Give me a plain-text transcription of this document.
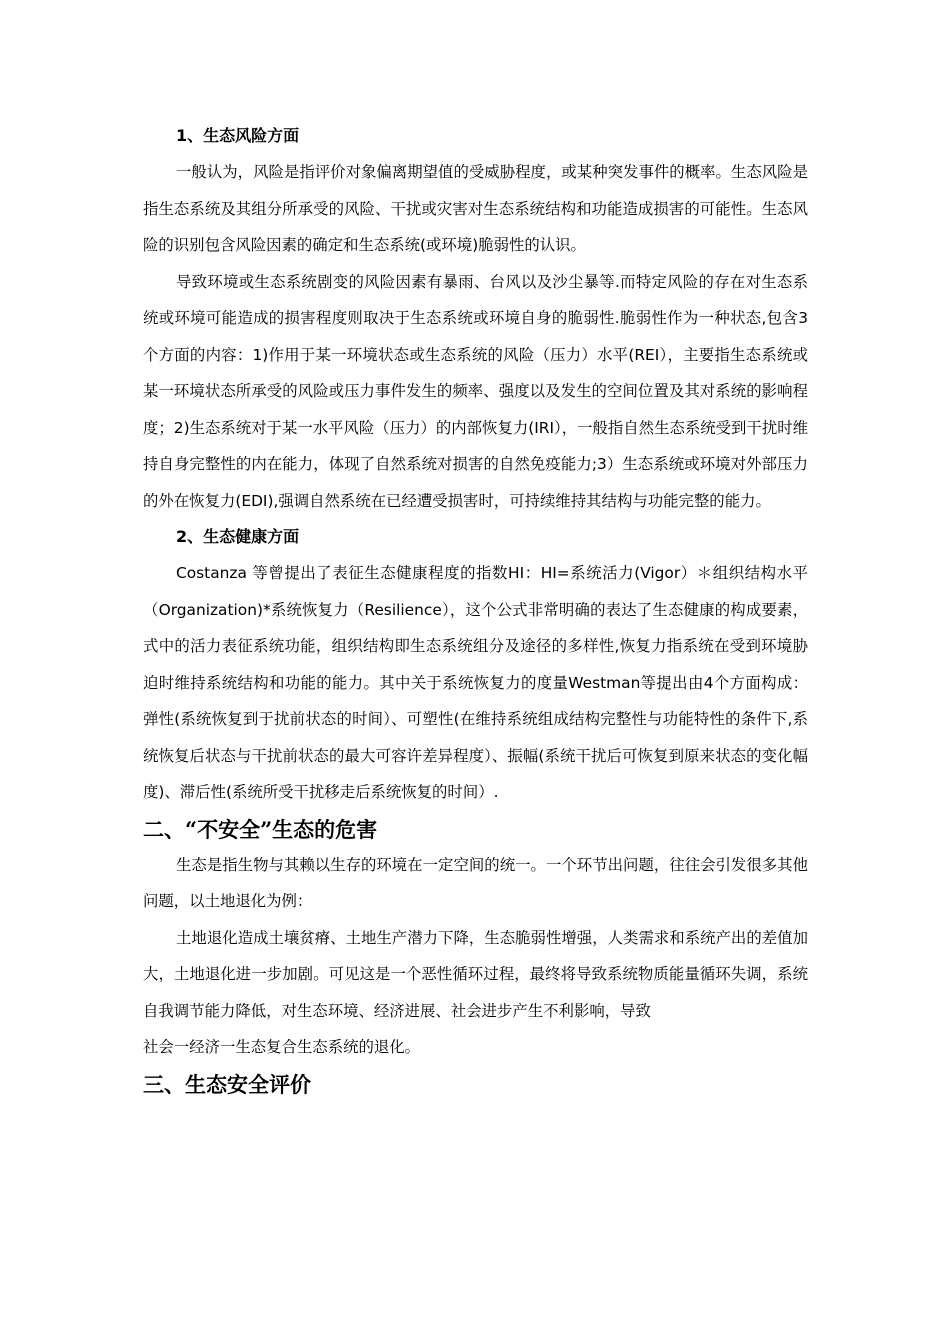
1、生态风险方面

一般认为，风险是指评价对象偏离期望值的受威胁程度，或某种突发事件的概率。生态风险是指生态系统及其组分所承受的风险、干扰或灾害对生态系统结构和功能造成损害的可能性。生态风险的识别包含风险因素的确定和生态系统(或环境)脆弱性的认识。

导致环境或生态系统剧变的风险因素有暴雨、台风以及沙尘暴等.而特定风险的存在对生态系统或环境可能造成的损害程度则取决于生态系统或环境自身的脆弱性.脆弱性作为一种状态,包含3个方面的内容：1)作用于某一环境状态或生态系统的风险（压力）水平(REI），主要指生态系统或某一环境状态所承受的风险或压力事件发生的频率、强度以及发生的空间位置及其对系统的影响程度；2)生态系统对于某一水平风险（压力）的内部恢复力(IRI），一般指自然生态系统受到干扰时维持自身完整性的内在能力，体现了自然系统对损害的自然免疫能力;3）生态系统或环境对外部压力的外在恢复力(EDI),强调自然系统在已经遭受损害时，可持续维持其结构与功能完整的能力。

2、生态健康方面

Costanza 等曾提出了表征生态健康程度的指数HI：HI=系统活力(Vigor）＊组织结构水平（Organization)*系统恢复力（Resilience），这个公式非常明确的表达了生态健康的构成要素，式中的活力表征系统功能，组织结构即生态系统组分及途径的多样性,恢复力指系统在受到环境胁迫时维持系统结构和功能的能力。其中关于系统恢复力的度量Westman等提出由4个方面构成：弹性(系统恢复到于扰前状态的时间）、可塑性(在维持系统组成结构完整性与功能特性的条件下,系统恢复后状态与干扰前状态的最大可容许差异程度）、振幅(系统干扰后可恢复到原来状态的变化幅度)、滞后性(系统所受干扰移走后系统恢复的时间）.

二、“不安全”生态的危害

生态是指生物与其赖以生存的环境在一定空间的统一。一个环节出问题，往往会引发很多其他问题，以土地退化为例：

土地退化造成土壤贫瘠、土地生产潜力下降，生态脆弱性增强，人类需求和系统产出的差值加大，土地退化进一步加剧。可见这是一个恶性循环过程，最终将导致系统物质能量循环失调，系统自我调节能力降低，对生态环境、经济进展、社会进步产生不利影响，导致

社会一经济一生态复合生态系统的退化。

三、生态安全评价
